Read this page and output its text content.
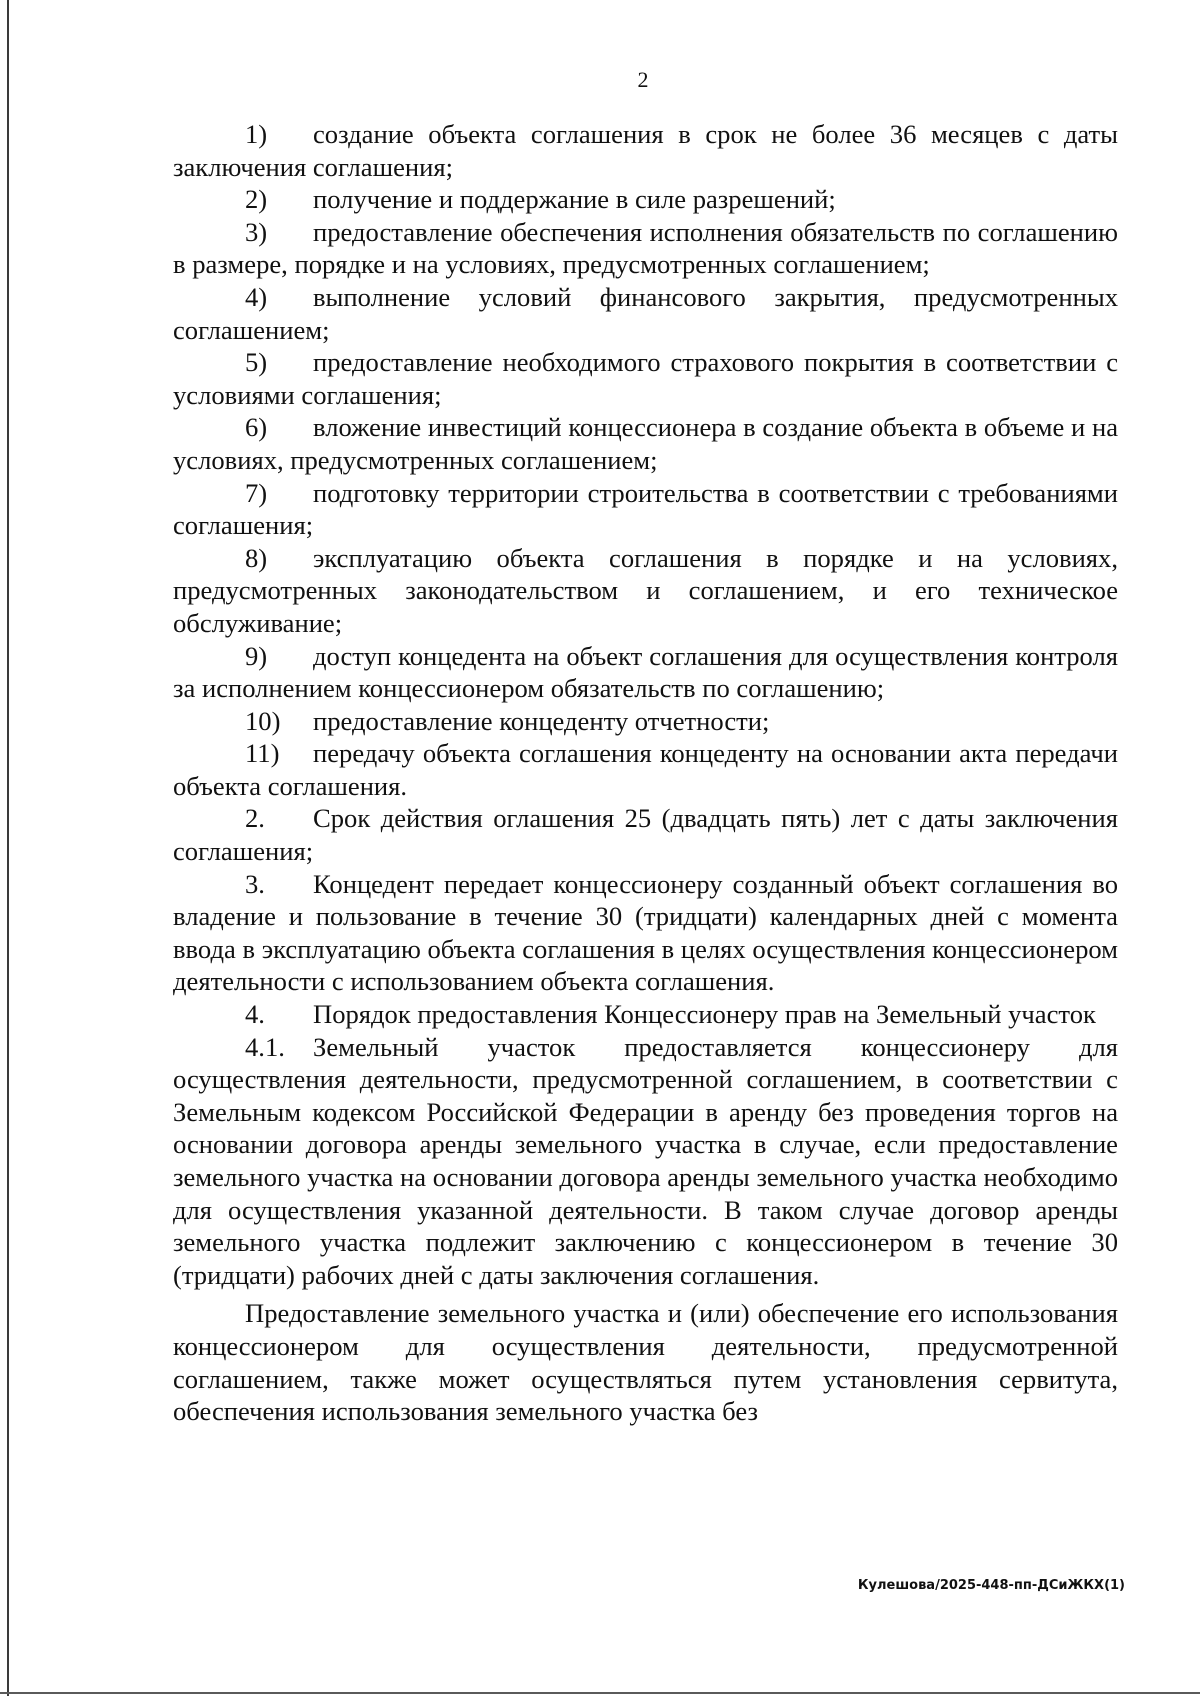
2

1) создание объекта соглашения в срок не более 36 месяцев с даты заключения соглашения;

2) получение и поддержание в силе разрешений;

3) предоставление обеспечения исполнения обязательств по соглашению в размере, порядке и на условиях, предусмотренных соглашением;

4) выполнение условий финансового закрытия, предусмотренных соглашением;

5) предоставление необходимого страхового покрытия в соответствии с условиями соглашения;

6) вложение инвестиций концессионера в создание объекта в объеме и на условиях, предусмотренных соглашением;

7) подготовку территории строительства в соответствии с требованиями соглашения;

8) эксплуатацию объекта соглашения в порядке и на условиях, предусмотренных законодательством и соглашением, и его техническое обслуживание;

9) доступ концедента на объект соглашения для осуществления контроля за исполнением концессионером обязательств по соглашению;

10) предоставление концеденту отчетности;

11) передачу объекта соглашения концеденту на основании акта передачи объекта соглашения.

2. Срок действия оглашения 25 (двадцать пять) лет с даты заключения соглашения;

3. Концедент передает концессионеру созданный объект соглашения во владение и пользование в течение 30 (тридцати) календарных дней с момента ввода в эксплуатацию объекта соглашения в целях осуществления концессионером деятельности с использованием объекта соглашения.

4. Порядок предоставления Концессионеру прав на Земельный участок

4.1. Земельный участок предоставляется концессионеру для осуществления деятельности, предусмотренной соглашением, в соответствии с Земельным кодексом Российской Федерации в аренду без проведения торгов на основании договора аренды земельного участка в случае, если предоставление земельного участка на основании договора аренды земельного участка необходимо для осуществления указанной деятельности. В таком случае договор аренды земельного участка подлежит заключению с концессионером в течение 30 (тридцати) рабочих дней с даты заключения соглашения.

Предоставление земельного участка и (или) обеспечение его использования концессионером для осуществления деятельности, предусмотренной соглашением, также может осуществляться путем установления сервитута, обеспечения использования земельного участка без

Кулешова/2025-448-пп-ДСиЖКХ(1)
